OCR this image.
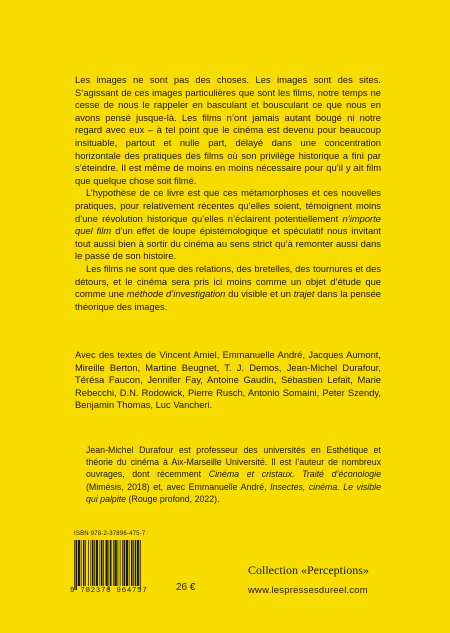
Les images ne sont pas des choses. Les images sont des sites. S’agissant de ces images particulières que sont les films, notre temps ne cesse de nous le rappeler en basculant et bousculant ce que nous en avons pensé jusque-là. Les films n’ont jamais autant bougé ni notre regard avec eux – à tel point que le cinéma est devenu pour beaucoup insituable, partout et nulle part, délayé dans une concentration horizontale des pratiques des films où son privilège historique a fini par s’éteindre. Il est même de moins en moins nécessaire pour qu’il y ait film que quelque chose soit filmé.

L’hypothèse de ce livre est que ces métamorphoses et ces nouvelles pratiques, pour relativement récentes qu’elles soient, témoignent moins d’une révolution historique qu’elles n’éclairent potentiellement n’importe quel film d’un effet de loupe épistémologique et spéculatif nous invitant tout aussi bien à sortir du cinéma au sens strict qu’à remonter aussi dans le passé de son histoire.

Les films ne sont que des relations, des bretelles, des tournures et des détours, et le cinéma sera pris ici moins comme un objet d’étude que comme une méthode d’investigation du visible et un trajet dans la pensée théorique des images.

Avec des textes de Vincent Amiel, Emmanuelle André, Jacques Aumont, Mireille Berton, Martine Beugnet, T. J. Demos, Jean-Michel Durafour, Térésa Faucon, Jennifer Fay, Antoine Gaudin, Sébastien Lefait, Marie Rebecchi, D.N. Rodowick, Pierre Rusch, Antonio Somaini, Peter Szendy, Benjamin Thomas, Luc Vancheri.
Jean-Michel Durafour est professeur des universités en Esthétique et théorie du cinéma à Aix-Marseille Université. Il est l’auteur de nombreux ouvrages, dont récemment Cinéma et cristaux. Traité d’éconologie (Mimésis, 2018) et, avec Emmanuelle André, Insectes, cinéma. Le visible qui palpite (Rouge profond, 2022).
ISBN 978-2-37896-475-7
9 782378 964757	26 €
Collection «Perceptions»
www.lespressesdureel.com
